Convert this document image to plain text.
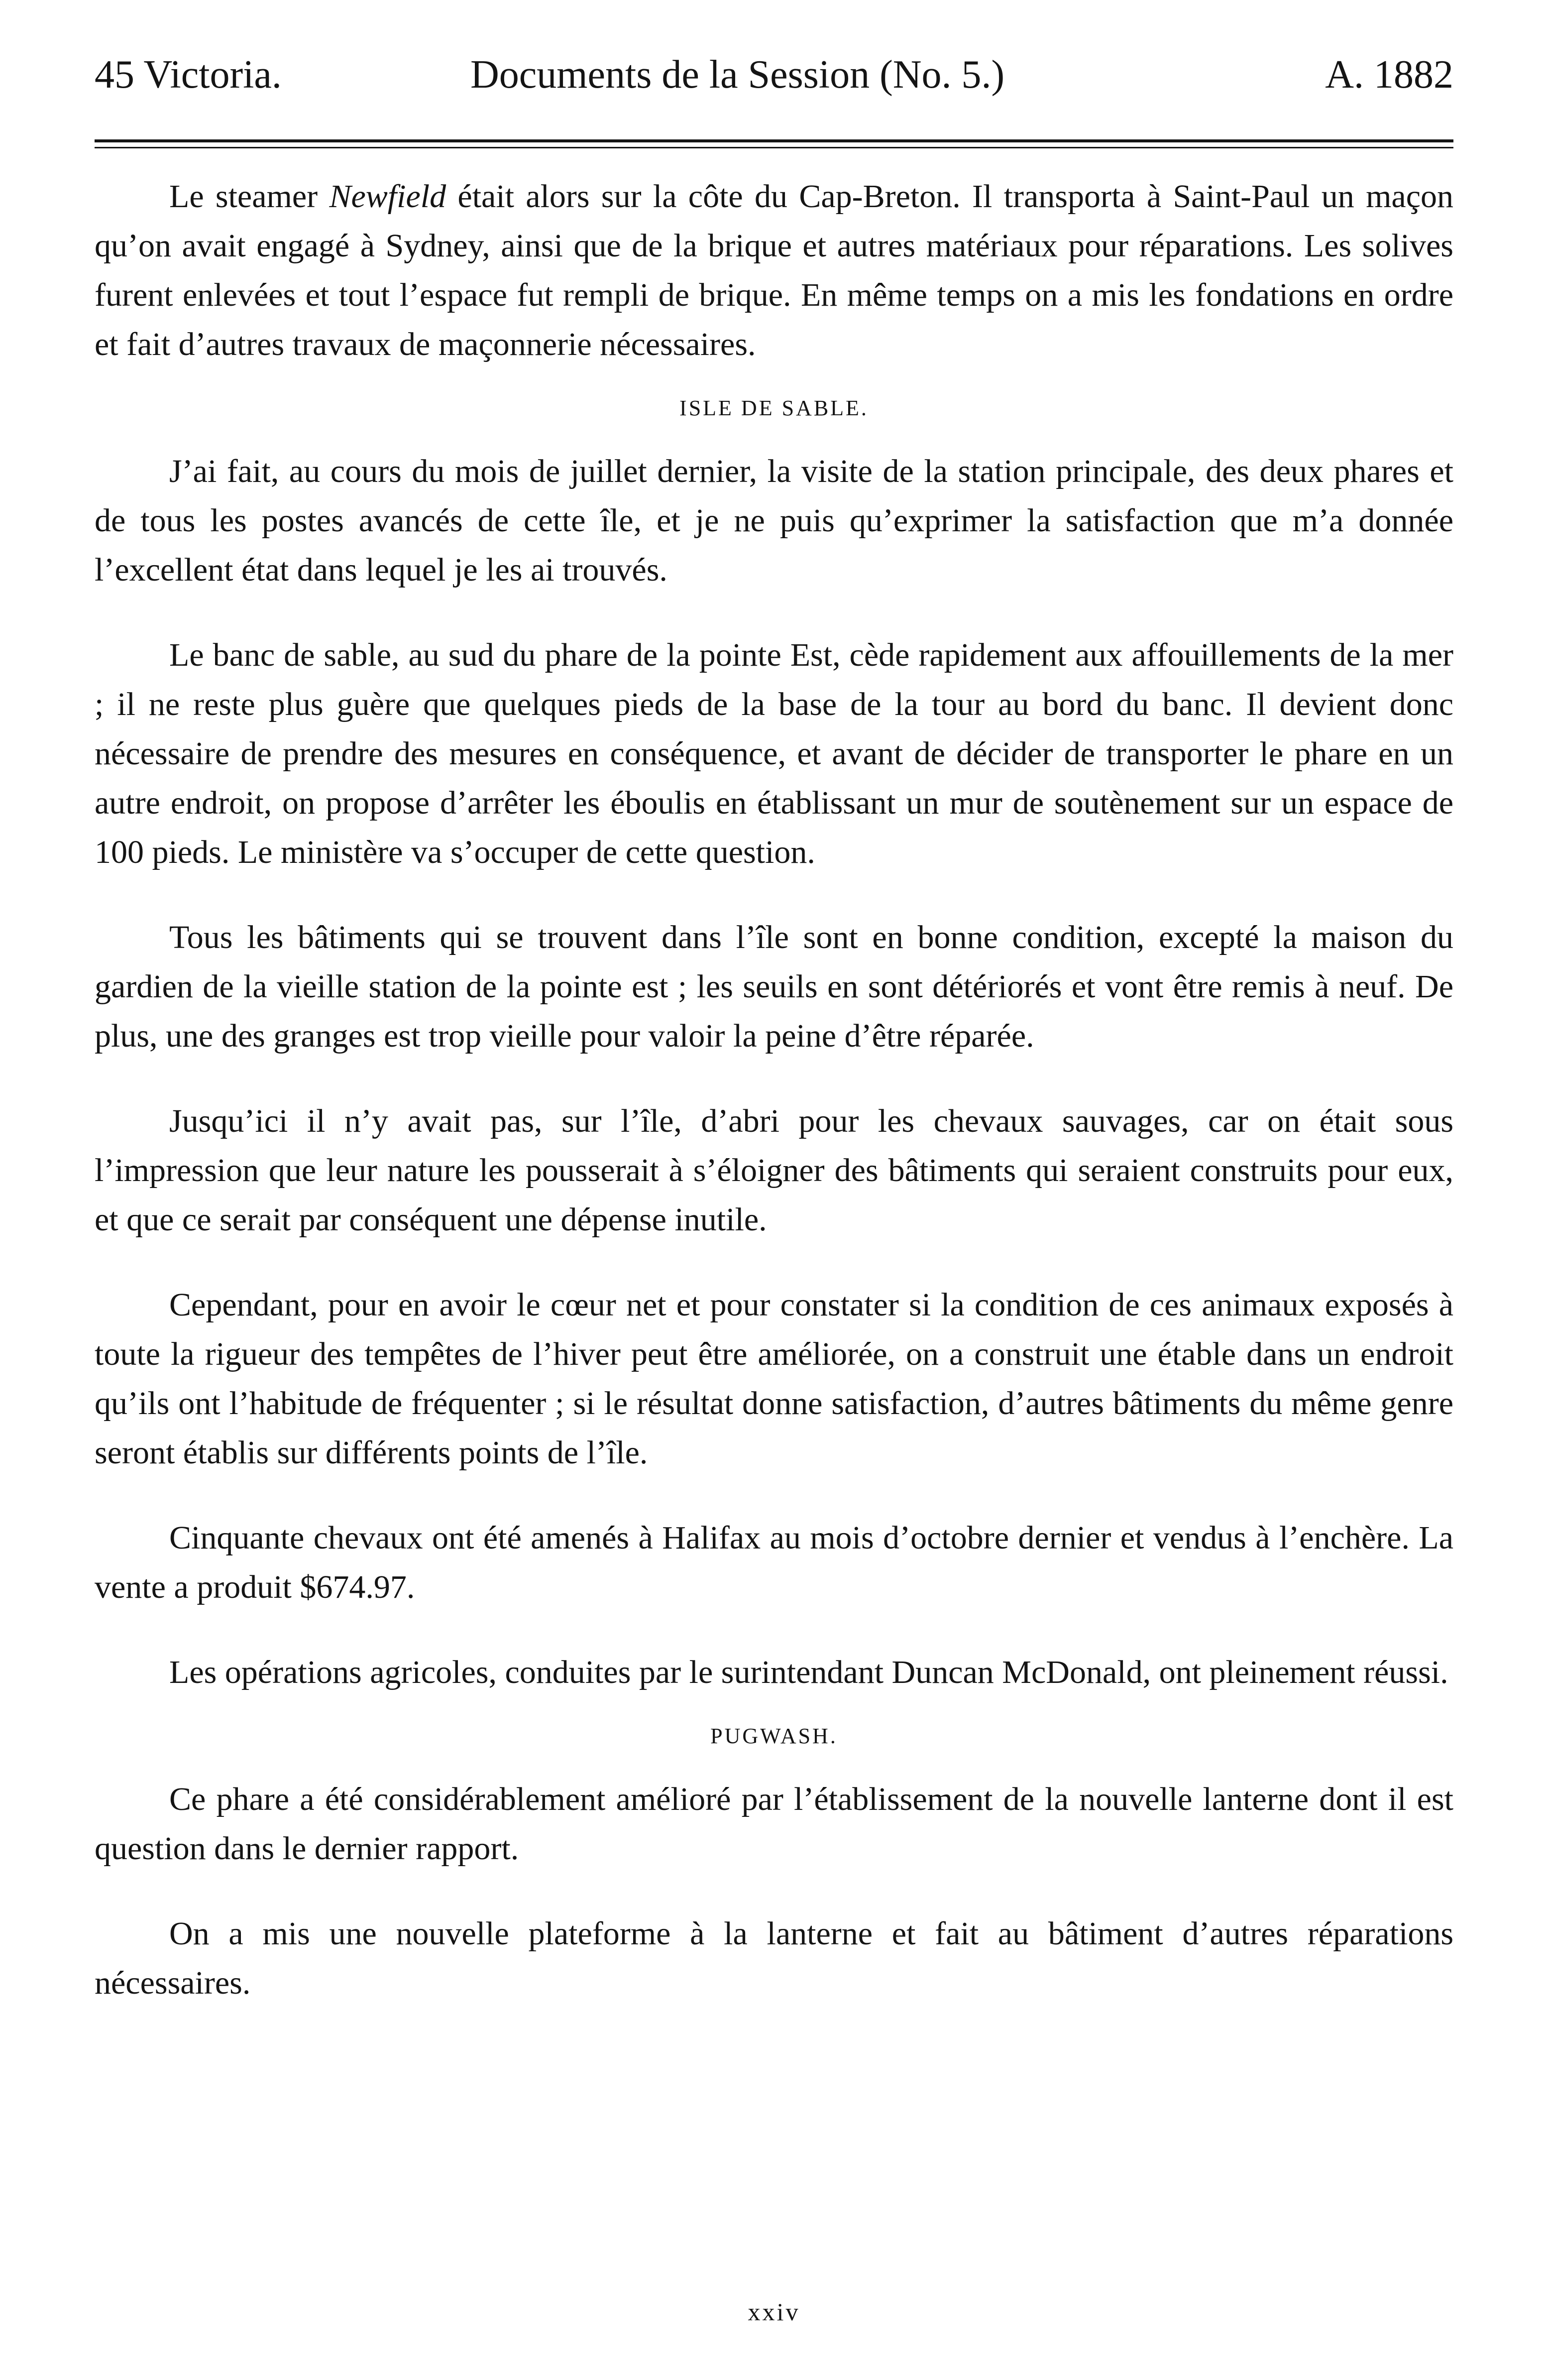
45 Victoria.	Documents de la Session (No. 5.)	A. 1882

Le steamer Newfield était alors sur la côte du Cap-Breton. Il transporta à Saint-Paul un maçon qu’on avait engagé à Sydney, ainsi que de la brique et autres matériaux pour réparations. Les solives furent enlevées et tout l’espace fut rempli de brique. En même temps on a mis les fondations en ordre et fait d’autres travaux de maçonnerie nécessaires.

ISLE DE SABLE.

J’ai fait, au cours du mois de juillet dernier, la visite de la station principale, des deux phares et de tous les postes avancés de cette île, et je ne puis qu’exprimer la satisfaction que m’a donnée l’excellent état dans lequel je les ai trouvés.

Le banc de sable, au sud du phare de la pointe Est, cède rapidement aux affouillements de la mer ; il ne reste plus guère que quelques pieds de la base de la tour au bord du banc. Il devient donc nécessaire de prendre des mesures en conséquence, et avant de décider de transporter le phare en un autre endroit, on propose d’arrêter les éboulis en établissant un mur de soutènement sur un espace de 100 pieds. Le ministère va s’occuper de cette question.

Tous les bâtiments qui se trouvent dans l’île sont en bonne condition, excepté la maison du gardien de la vieille station de la pointe est ; les seuils en sont détériorés et vont être remis à neuf. De plus, une des granges est trop vieille pour valoir la peine d’être réparée.

Jusqu’ici il n’y avait pas, sur l’île, d’abri pour les chevaux sauvages, car on était sous l’impression que leur nature les pousserait à s’éloigner des bâtiments qui seraient construits pour eux, et que ce serait par conséquent une dépense inutile.

Cependant, pour en avoir le cœur net et pour constater si la condition de ces animaux exposés à toute la rigueur des tempêtes de l’hiver peut être améliorée, on a construit une étable dans un endroit qu’ils ont l’habitude de fréquenter ; si le résultat donne satisfaction, d’autres bâtiments du même genre seront établis sur différents points de l’île.

Cinquante chevaux ont été amenés à Halifax au mois d’octobre dernier et vendus à l’enchère. La vente a produit $674.97.

Les opérations agricoles, conduites par le surintendant Duncan McDonald, ont pleinement réussi.

PUGWASH.

Ce phare a été considérablement amélioré par l’établissement de la nouvelle lanterne dont il est question dans le dernier rapport.

On a mis une nouvelle plateforme à la lanterne et fait au bâtiment d’autres réparations nécessaires.

xxiv
